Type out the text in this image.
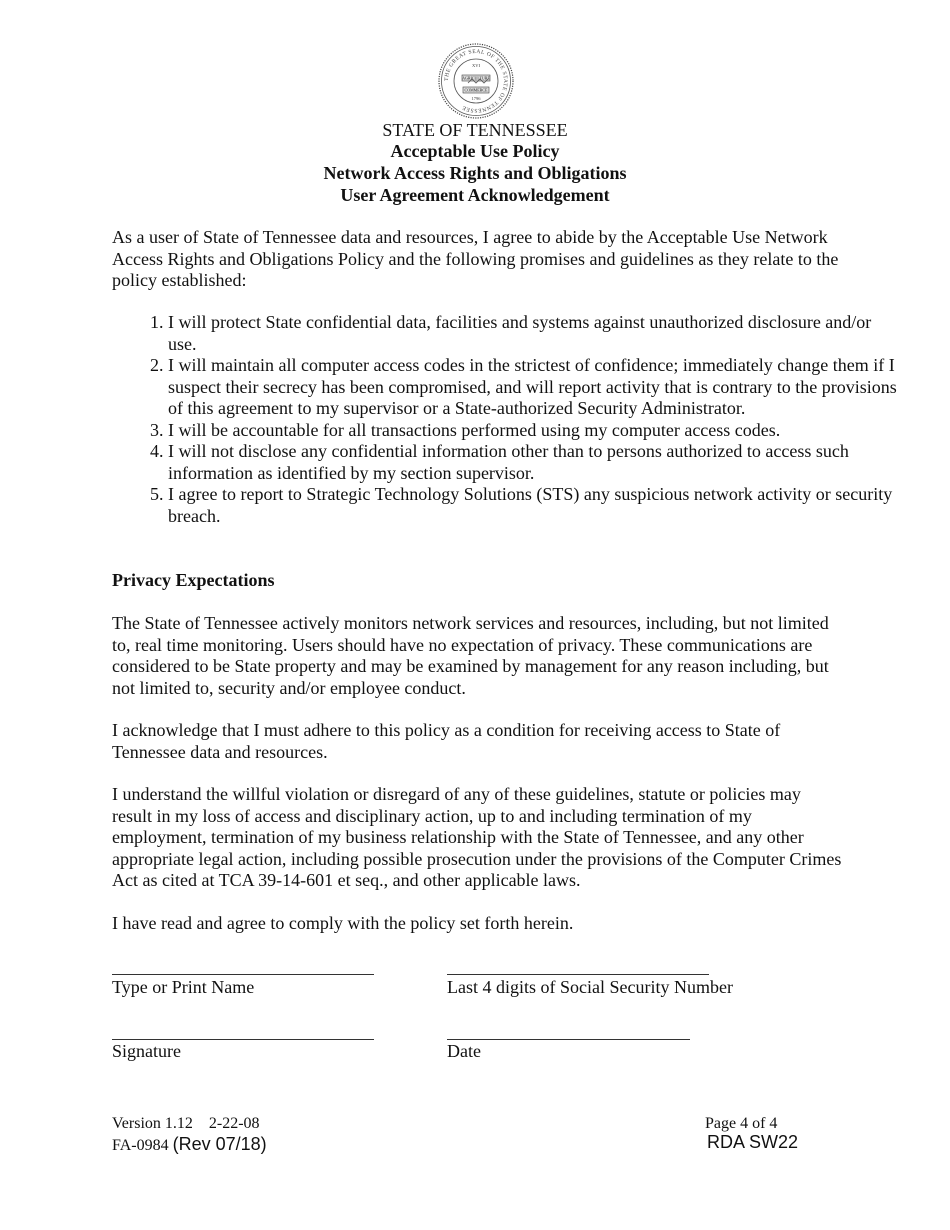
THE GREAT SEAL OF THE STATE OF TENNESSEE
XVI
AGRICULTURE
COMMERCE
1796
STATE OF TENNESSEE
Acceptable Use Policy
Network Access Rights and Obligations
User Agreement Acknowledgement

As a user of State of Tennessee data and resources, I agree to abide by the Acceptable Use Network Access Rights and Obligations Policy and the following promises and guidelines as they relate to the policy established:

1. I will protect State confidential data, facilities and systems against unauthorized disclosure and/or use.
2. I will maintain all computer access codes in the strictest of confidence; immediately change them if I suspect their secrecy has been compromised, and will report activity that is contrary to the provisions of this agreement to my supervisor or a State-authorized Security Administrator.
3. I will be accountable for all transactions performed using my computer access codes.
4. I will not disclose any confidential information other than to persons authorized to access such information as identified by my section supervisor.
5. I agree to report to Strategic Technology Solutions (STS) any suspicious network activity or security breach.
Privacy Expectations

The State of Tennessee actively monitors network services and resources, including, but not limited to, real time monitoring. Users should have no expectation of privacy. These communications are considered to be State property and may be examined by management for any reason including, but not limited to, security and/or employee conduct.

I acknowledge that I must adhere to this policy as a condition for receiving access to State of Tennessee data and resources.

I understand the willful violation or disregard of any of these guidelines, statute or policies may result in my loss of access and disciplinary action, up to and including termination of my employment, termination of my business relationship with the State of Tennessee, and any other appropriate legal action, including possible prosecution under the provisions of the Computer Crimes Act as cited at TCA 39-14-601 et seq., and other applicable laws.

I have read and agree to comply with the policy set forth herein.

Type or Print Name	Last 4 digits of Social Security Number
Signature	Date
Version 1.12    2-22-08
FA-0984 (Rev 07/18)
Page 4 of 4
RDA SW22
